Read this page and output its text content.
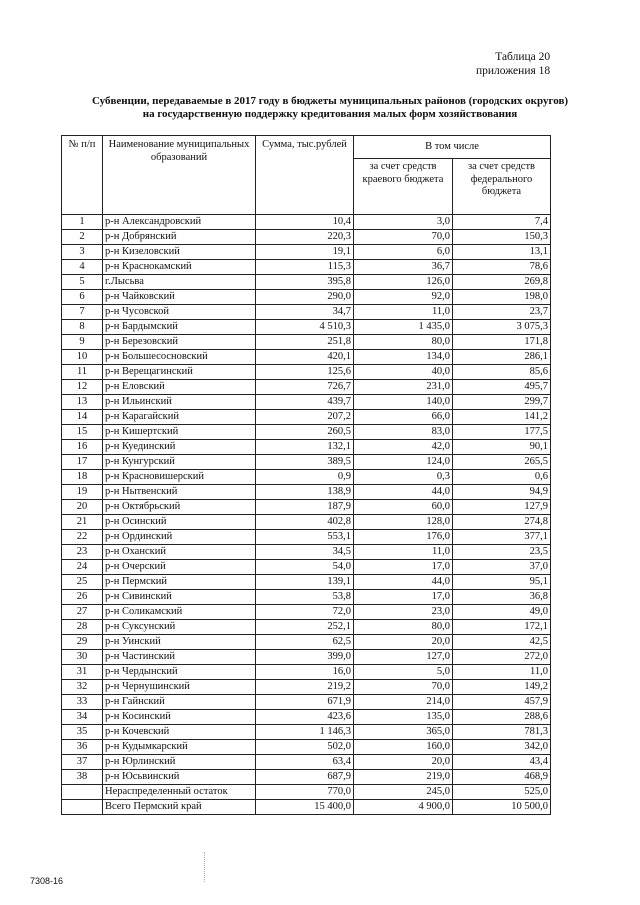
Таблица 20
приложения 18
Субвенции, передаваемые в 2017 году в бюджеты муниципальных районов (городских округов)
на государственную поддержку кредитования малых форм хозяйствования
№ п/п	Наименование муниципальных образований	Сумма, тыс.рублей	В том числе	
			за счет средств краевого бюджета	за счет средств федерального бюджета
1	р-н Александровский	10,4	3,0	7,4
2	р-н Добрянский	220,3	70,0	150,3
3	р-н Кизеловский	19,1	6,0	13,1
4	р-н Краснокамский	115,3	36,7	78,6
5	г.Лысьва	395,8	126,0	269,8
6	р-н Чайковский	290,0	92,0	198,0
7	р-н Чусовской	34,7	11,0	23,7
8	р-н Бардымский	4 510,3	1 435,0	3 075,3
9	р-н Березовский	251,8	80,0	171,8
10	р-н Большесосновский	420,1	134,0	286,1
11	р-н Верещагинский	125,6	40,0	85,6
12	р-н Еловский	726,7	231,0	495,7
13	р-н Ильинский	439,7	140,0	299,7
14	р-н Карагайский	207,2	66,0	141,2
15	р-н Кишертский	260,5	83,0	177,5
16	р-н Куединский	132,1	42,0	90,1
17	р-н Кунгурский	389,5	124,0	265,5
18	р-н Красновишерский	0,9	0,3	0,6
19	р-н Нытвенский	138,9	44,0	94,9
20	р-н Октябрьский	187,9	60,0	127,9
21	р-н Осинский	402,8	128,0	274,8
22	р-н Ординский	553,1	176,0	377,1
23	р-н Оханский	34,5	11,0	23,5
24	р-н Очерский	54,0	17,0	37,0
25	р-н Пермский	139,1	44,0	95,1
26	р-н Сивинский	53,8	17,0	36,8
27	р-н Соликамский	72,0	23,0	49,0
28	р-н Суксунский	252,1	80,0	172,1
29	р-н Уинский	62,5	20,0	42,5
30	р-н Частинский	399,0	127,0	272,0
31	р-н Чердынский	16,0	5,0	11,0
32	р-н Чернушинский	219,2	70,0	149,2
33	р-н Гайнский	671,9	214,0	457,9
34	р-н Косинский	423,6	135,0	288,6
35	р-н Кочевский	1 146,3	365,0	781,3
36	р-н Кудымкарский	502,0	160,0	342,0
37	р-н Юрлинский	63,4	20,0	43,4
38	р-н Юсьвинский	687,9	219,0	468,9
	Нераспределенный остаток	770,0	245,0	525,0
	Всего Пермский край	15 400,0	4 900,0	10 500,0
7308-16
